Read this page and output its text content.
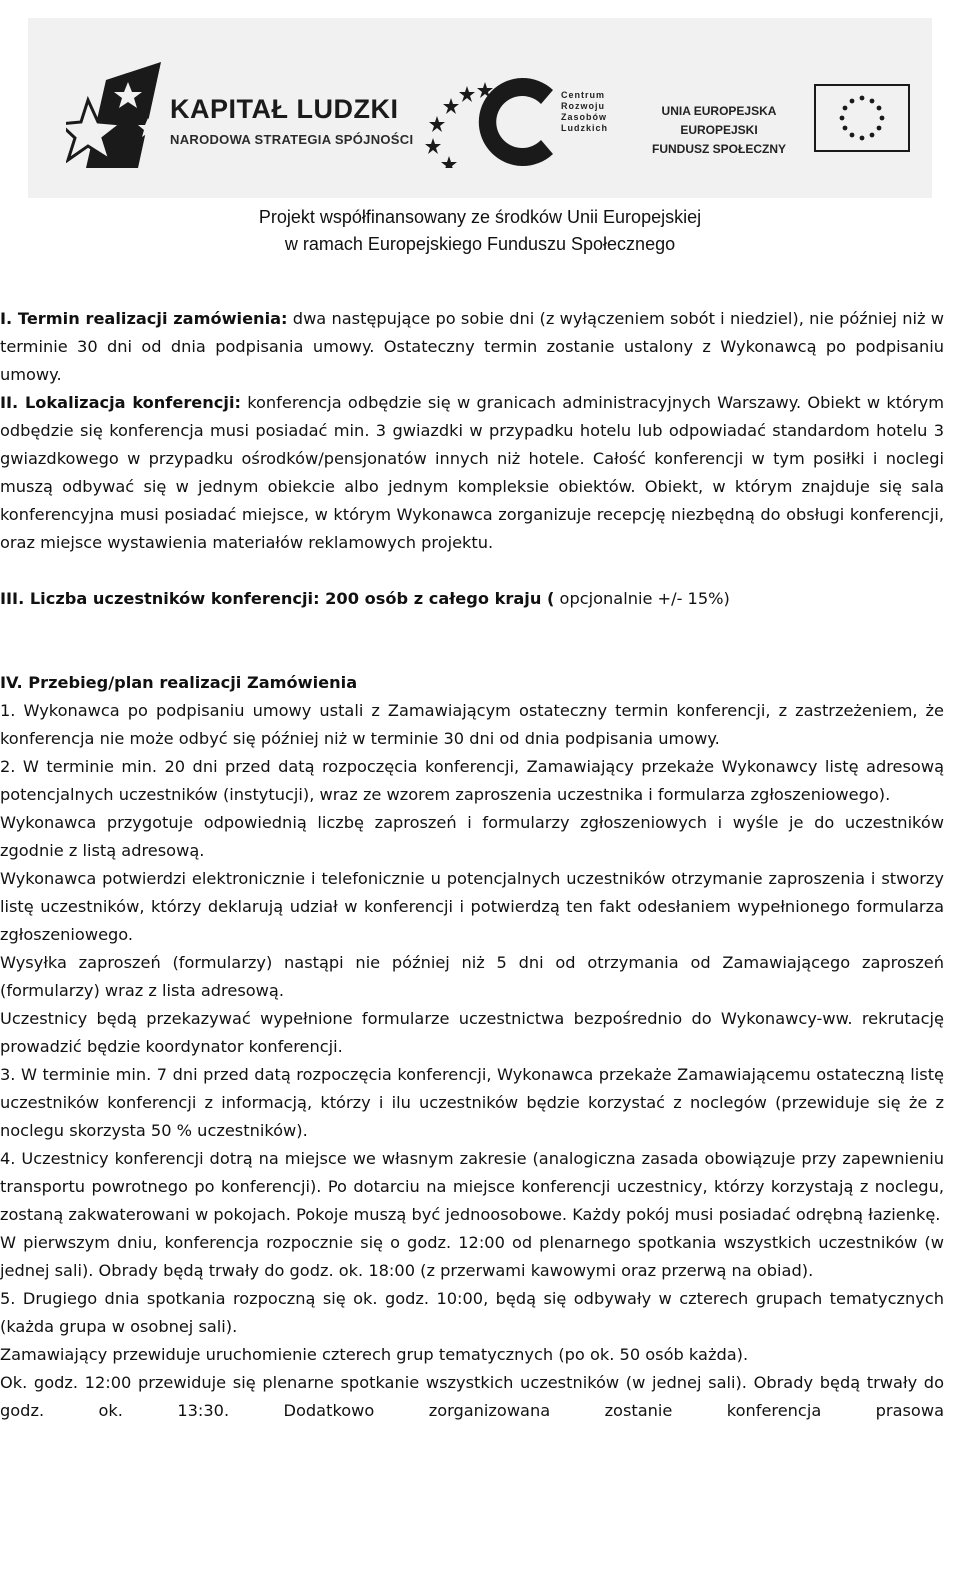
KAPITAŁ LUDZKI
NARODOWA STRATEGIA SPÓJNOŚCI
Centrum
Rozwoju
Zasobów
Ludzkich
UNIA EUROPEJSKA
EUROPEJSKI
FUNDUSZ SPOŁECZNY
Projekt współfinansowany ze środków Unii Europejskiej
w ramach Europejskiego Funduszu Społecznego

I. Termin realizacji zamówienia: dwa następujące po sobie dni (z wyłączeniem sobót i niedziel), nie później niż w terminie 30 dni od dnia podpisania umowy. Ostateczny termin zostanie ustalony z Wykonawcą po podpisaniu umowy.

II. Lokalizacja konferencji: konferencja odbędzie się w granicach administracyjnych Warszawy. Obiekt w którym odbędzie się konferencja musi posiadać min. 3 gwiazdki w przypadku hotelu lub odpowiadać standardom hotelu 3 gwiazdkowego w przypadku ośrodków/pensjonatów innych niż hotele. Całość konferencji w tym posiłki i noclegi muszą odbywać się w jednym obiekcie albo jednym kompleksie obiektów. Obiekt, w którym znajduje się sala konferencyjna musi posiadać miejsce, w którym Wykonawca zorganizuje recepcję niezbędną do obsługi konferencji, oraz miejsce wystawienia materiałów reklamowych projektu.

III. Liczba uczestników konferencji: 200 osób z całego kraju ( opcjonalnie +/- 15%)

IV. Przebieg/plan realizacji Zamówienia

1. Wykonawca po podpisaniu umowy ustali z Zamawiającym ostateczny termin konferencji, z zastrzeżeniem, że konferencja nie może odbyć się później niż w terminie 30 dni od dnia podpisania umowy.

2. W terminie min. 20 dni przed datą rozpoczęcia konferencji, Zamawiający przekaże Wykonawcy listę adresową potencjalnych uczestników (instytucji), wraz ze wzorem zaproszenia uczestnika i formularza zgłoszeniowego).

Wykonawca przygotuje odpowiednią liczbę zaproszeń i formularzy zgłoszeniowych i wyśle je do uczestników zgodnie z listą adresową.

Wykonawca potwierdzi elektronicznie i telefonicznie u potencjalnych uczestników otrzymanie zaproszenia i stworzy listę uczestników, którzy deklarują udział w konferencji i potwierdzą ten fakt odesłaniem wypełnionego formularza zgłoszeniowego.

Wysyłka zaproszeń (formularzy) nastąpi nie później niż 5 dni od otrzymania od Zamawiającego zaproszeń (formularzy) wraz z lista adresową.

Uczestnicy będą przekazywać wypełnione formularze uczestnictwa bezpośrednio do Wykonawcy-ww. rekrutację prowadzić będzie koordynator konferencji.

3. W terminie min. 7 dni przed datą rozpoczęcia konferencji, Wykonawca przekaże Zamawiającemu ostateczną listę uczestników konferencji z informacją, którzy i ilu uczestników będzie korzystać z noclegów (przewiduje się że z noclegu skorzysta 50 % uczestników).

4. Uczestnicy konferencji dotrą na miejsce we własnym zakresie (analogiczna zasada obowiązuje przy zapewnieniu transportu powrotnego po konferencji). Po dotarciu na miejsce konferencji uczestnicy, którzy korzystają z noclegu, zostaną zakwaterowani w pokojach. Pokoje muszą być jednoosobowe. Każdy pokój musi posiadać odrębną łazienkę.

W pierwszym dniu, konferencja rozpocznie się o godz. 12:00 od plenarnego spotkania wszystkich uczestników (w jednej sali). Obrady będą trwały do godz. ok. 18:00 (z przerwami kawowymi oraz przerwą na obiad).

5. Drugiego dnia spotkania rozpoczną się ok. godz. 10:00, będą się odbywały w czterech grupach tematycznych (każda grupa w osobnej sali).

Zamawiający przewiduje uruchomienie czterech grup tematycznych (po ok. 50 osób każda).

Ok. godz. 12:00 przewiduje się plenarne spotkanie wszystkich uczestników (w jednej sali). Obrady będą trwały do godz. ok. 13:30. Dodatkowo zorganizowana zostanie konferencja prasowa
